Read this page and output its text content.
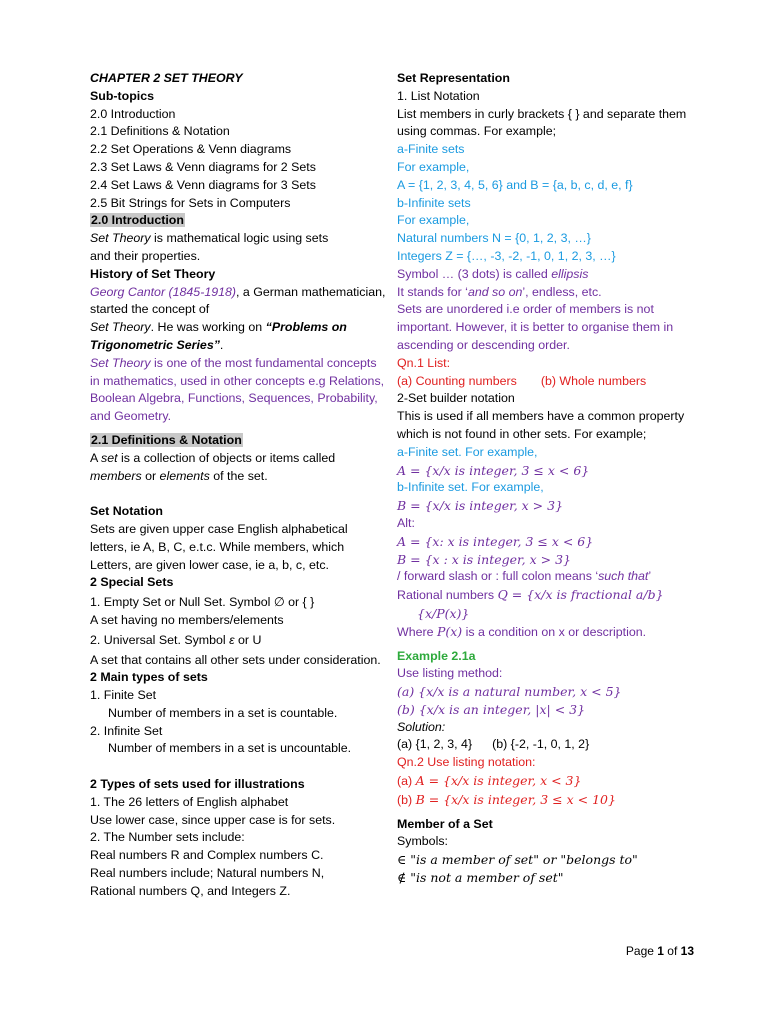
CHAPTER 2 SET THEORY
Sub-topics
2.0 Introduction
2.1 Definitions & Notation
2.2 Set Operations & Venn diagrams
2.3 Set Laws & Venn diagrams for 2 Sets
2.4 Set Laws & Venn diagrams for 3 Sets
2.5 Bit Strings for Sets in Computers
2.0 Introduction
Set Theory is mathematical logic using sets
and their properties.
History of Set Theory
Georg Cantor (1845-1918), a German mathematician,
started the concept of
Set Theory. He was working on “Problems on
Trigonometric Series”.
Set Theory is one of the most fundamental concepts
in mathematics, used in other concepts e.g Relations,
Boolean Algebra, Functions, Sequences, Probability,
and Geometry.
2.1 Definitions & Notation
A set is a collection of objects or items called
members or elements of the set.
Set Notation
Sets are given upper case English alphabetical
letters, ie A, B, C, e.t.c. While members, which
Letters, are given lower case, ie a, b, c, etc.
2 Special Sets
1. Empty Set or Null Set. Symbol ∅ or { }
A set having no members/elements
2. Universal Set. Symbol ε or U
A set that contains all other sets under consideration.
2 Main types of sets
1. Finite Set
Number of members in a set is countable.
2. Infinite Set
Number of members in a set is uncountable.
2 Types of sets used for illustrations
1. The 26 letters of English alphabet
Use lower case, since upper case is for sets.
2. The Number sets include:
Real numbers R and Complex numbers C.
Real numbers include; Natural numbers N,
Rational numbers Q, and Integers Z.
Set Representation
1. List Notation
List members in curly brackets { } and separate them
using commas. For example;
a-Finite sets
For example,
A = {1, 2, 3, 4, 5, 6} and B = {a, b, c, d, e, f}
b-Infinite sets
For example,
Natural numbers N = {0, 1, 2, 3, …}
Integers Z = {…, -3, -2, -1, 0, 1, 2, 3, …}
Symbol … (3 dots) is called ellipsis
It stands for ‘and so on’, endless, etc.
Sets are unordered i.e order of members is not
important. However, it is better to organise them in
ascending or descending order.
Qn.1 List:
(a) Counting numbers (b) Whole numbers
2-Set builder notation
This is used if all members have a common property
which is not found in other sets. For example;
a-Finite set. For example,
A = {x/x is integer, 3 ≤ x < 6}
b-Infinite set. For example,
B = {x/x is integer, x > 3}
Alt:
A = {x: x is integer, 3 ≤ x < 6}
B = {x : x is integer, x > 3}
/ forward slash or : full colon means ‘such that’
Rational numbers Q = {x/x is fractional a/b}
{x/P(x)}
Where P(x) is a condition on x or description.
Example 2.1a
Use listing method:
(a) {x/x is a natural number, x < 5}
(b) {x/x is an integer, |x| < 3}
Solution:
(a) {1, 2, 3, 4} (b) {-2, -1, 0, 1, 2}
Qn.2 Use listing notation:
(a) A = {x/x is integer, x < 3}
(b) B = {x/x is integer, 3 ≤ x < 10}
Member of a Set
Symbols:
∈ "is a member of set" or "belongs to"
∉ "is not a member of set"
Page 1 of 13
